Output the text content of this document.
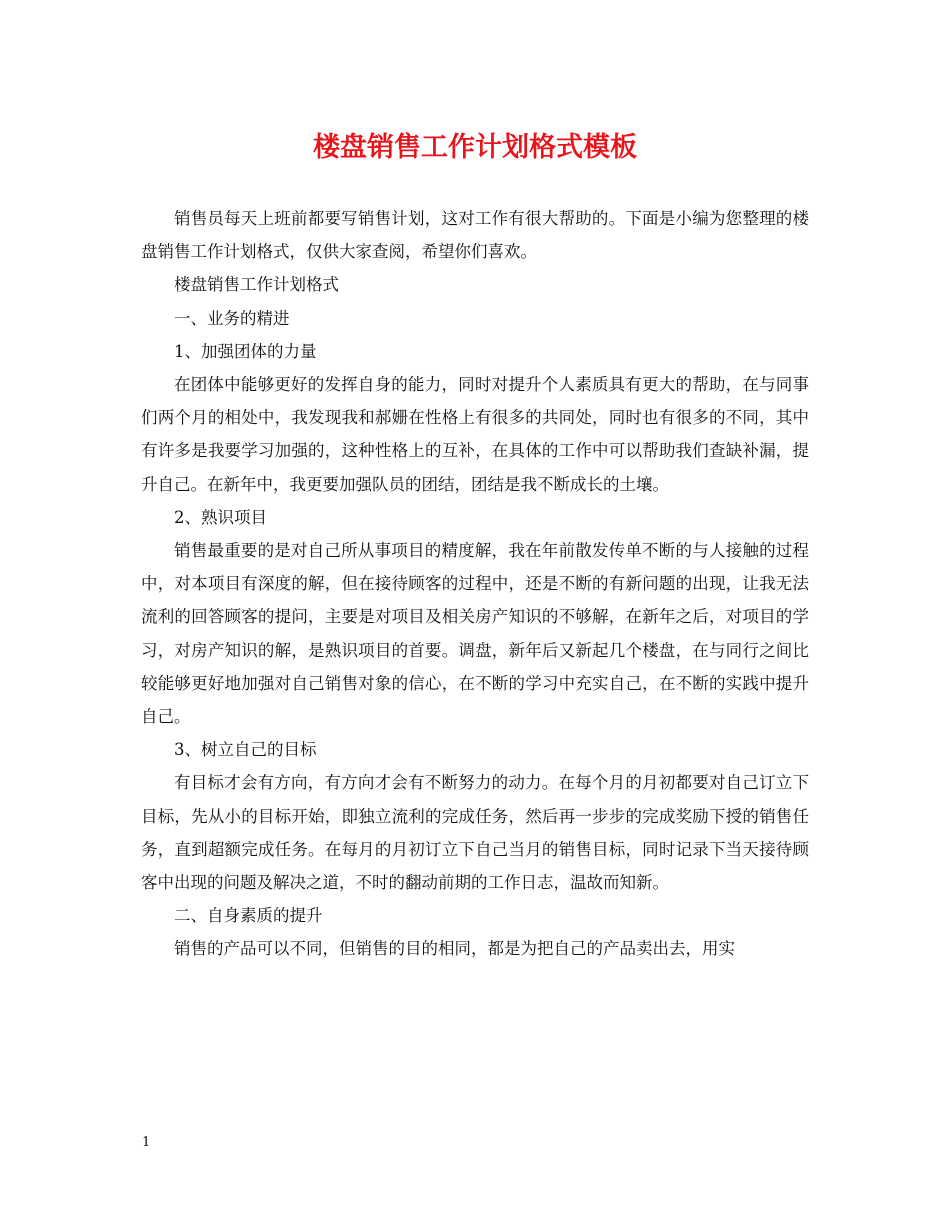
楼盘销售工作计划格式模板

销售员每天上班前都要写销售计划，这对工作有很大帮助的。下面是小编为您整理的楼盘销售工作计划格式，仅供大家查阅，希望你们喜欢。

楼盘销售工作计划格式

一、业务的精进

1、加强团体的力量

在团体中能够更好的发挥自身的能力，同时对提升个人素质具有更大的帮助，在与同事们两个月的相处中，我发现我和郝姗在性格上有很多的共同处，同时也有很多的不同，其中有许多是我要学习加强的，这种性格上的互补，在具体的工作中可以帮助我们查缺补漏，提升自己。在新年中，我更要加强队员的团结，团结是我不断成长的土壤。

2、熟识项目

销售最重要的是对自己所从事项目的精度解，我在年前散发传单不断的与人接触的过程中，对本项目有深度的解，但在接待顾客的过程中，还是不断的有新问题的出现，让我无法流利的回答顾客的提问，主要是对项目及相关房产知识的不够解，在新年之后，对项目的学习，对房产知识的解，是熟识项目的首要。调盘，新年后又新起几个楼盘，在与同行之间比较能够更好地加强对自己销售对象的信心，在不断的学习中充实自己，在不断的实践中提升自己。

3、树立自己的目标

有目标才会有方向，有方向才会有不断努力的动力。在每个月的月初都要对自己订立下目标，先从小的目标开始，即独立流利的完成任务，然后再一步步的完成奖励下授的销售任务，直到超额完成任务。在每月的月初订立下自己当月的销售目标，同时记录下当天接待顾客中出现的问题及解决之道，不时的翻动前期的工作日志，温故而知新。

二、自身素质的提升

销售的产品可以不同，但销售的目的相同，都是为把自己的产品卖出去，用实

1
